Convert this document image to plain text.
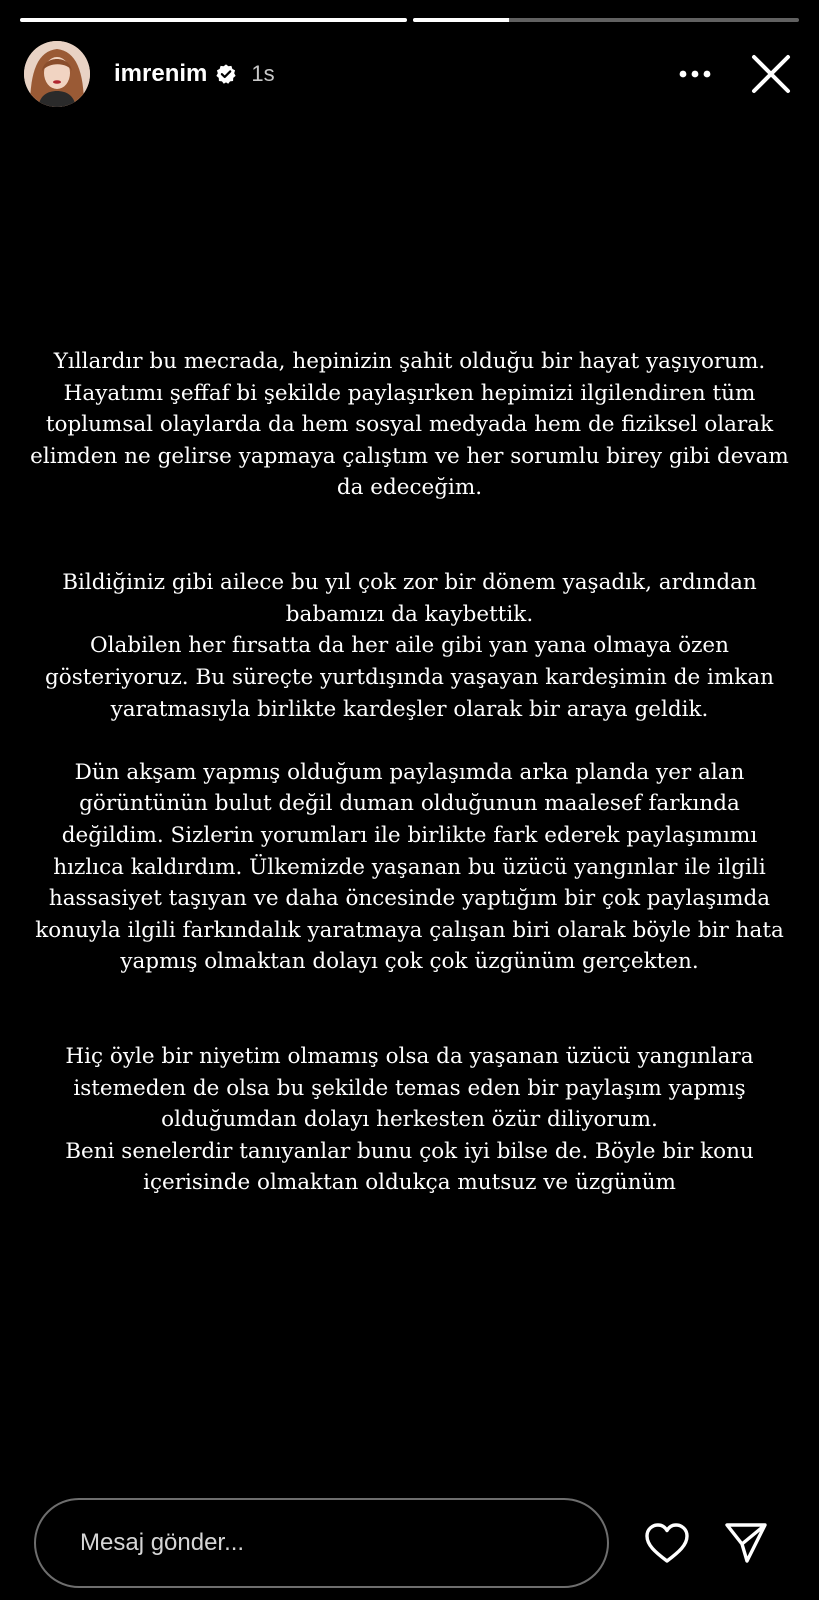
imrenim 1s

Yıllardır bu mecrada, hepinizin şahit olduğu bir hayat yaşıyorum. Hayatımı şeffaf bi şekilde paylaşırken hepimizi ilgilendiren tüm toplumsal olaylarda da hem sosyal medyada hem de fiziksel olarak elimden ne gelirse yapmaya çalıştım ve her sorumlu birey gibi devam da edeceğim.

Bildiğiniz gibi ailece bu yıl çok zor bir dönem yaşadık, ardından babamızı da kaybettik.
Olabilen her fırsatta da her aile gibi yan yana olmaya özen gösteriyoruz. Bu süreçte yurtdışında yaşayan kardeşimin de imkan yaratmasıyla birlikte kardeşler olarak bir araya geldik.

Dün akşam yapmış olduğum paylaşımda arka planda yer alan görüntünün bulut değil duman olduğunun maalesef farkında değildim. Sizlerin yorumları ile birlikte fark ederek paylaşımımı hızlıca kaldırdım. Ülkemizde yaşanan bu üzücü yangınlar ile ilgili hassasiyet taşıyan ve daha öncesinde yaptığım bir çok paylaşımda konuyla ilgili farkındalık yaratmaya çalışan biri olarak böyle bir hata yapmış olmaktan dolayı çok çok üzgünüm gerçekten.

Hiç öyle bir niyetim olmamış olsa da yaşanan üzücü yangınlara istemeden de olsa bu şekilde temas eden bir paylaşım yapmış olduğumdan dolayı herkesten özür diliyorum.
Beni senelerdir tanıyanlar bunu çok iyi bilse de. Böyle bir konu içerisinde olmaktan oldukça mutsuz ve üzgünüm

Mesaj gönder...
